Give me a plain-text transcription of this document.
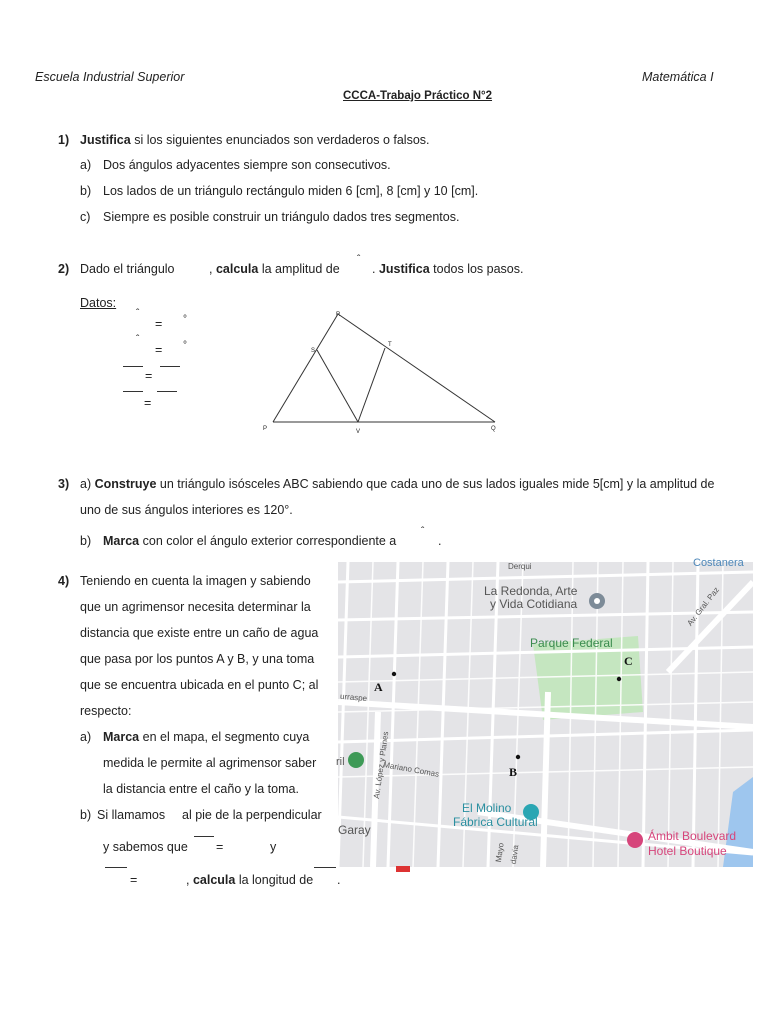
Escuela Industrial Superior	Matemática I
CCCA-Trabajo Práctico N°2
1) Justifica si los siguientes enunciados son verdaderos o falsos.
a) Dos ángulos adyacentes siempre son consecutivos.
b) Los lados de un triángulo rectángulo miden 6 [cm], 8 [cm] y 10 [cm].
c) Siempre es posible construir un triángulo dados tres segmentos.
2) Dado el triángulo	, calcula la amplitud de
ˆ
. Justifica todos los pasos.
Datos:
ˆ
= °
ˆ
= °
=
=
R
S
T
P	V	Q
3) a) Construye un triángulo isósceles ABC sabiendo que cada uno de sus lados iguales mide 5[cm] y la amplitud de
uno de sus ángulos interiores es 120°.
b) Marca con color el ángulo exterior correspondiente a
ˆ
.
4) Teniendo en cuenta la imagen y sabiendo
que un agrimensor necesita determinar la
distancia que existe entre un caño de agua
que pasa por los puntos A y B, y una toma
que se encuentra ubicada en el punto C; al
respecto:
a) Marca en el mapa, el segmento cuya
medida le permite al agrimensor saber
la distancia entre el caño y la toma.
b) Si llamamos al pie de la perpendicular
y sabemos que =	y
=	, calcula la longitud de .
La Redonda, Arte
y Vida Cotidiana
Parque Federal
A
B
C
Av. Gral. Paz
Av. López y Planes
Mariano Comas
urraspe
El Molino
Fábrica Cultural
Garay	Ámbit Boulevard
Hotel Boutique
Costanera
Derqui
Mayo davia
ril
